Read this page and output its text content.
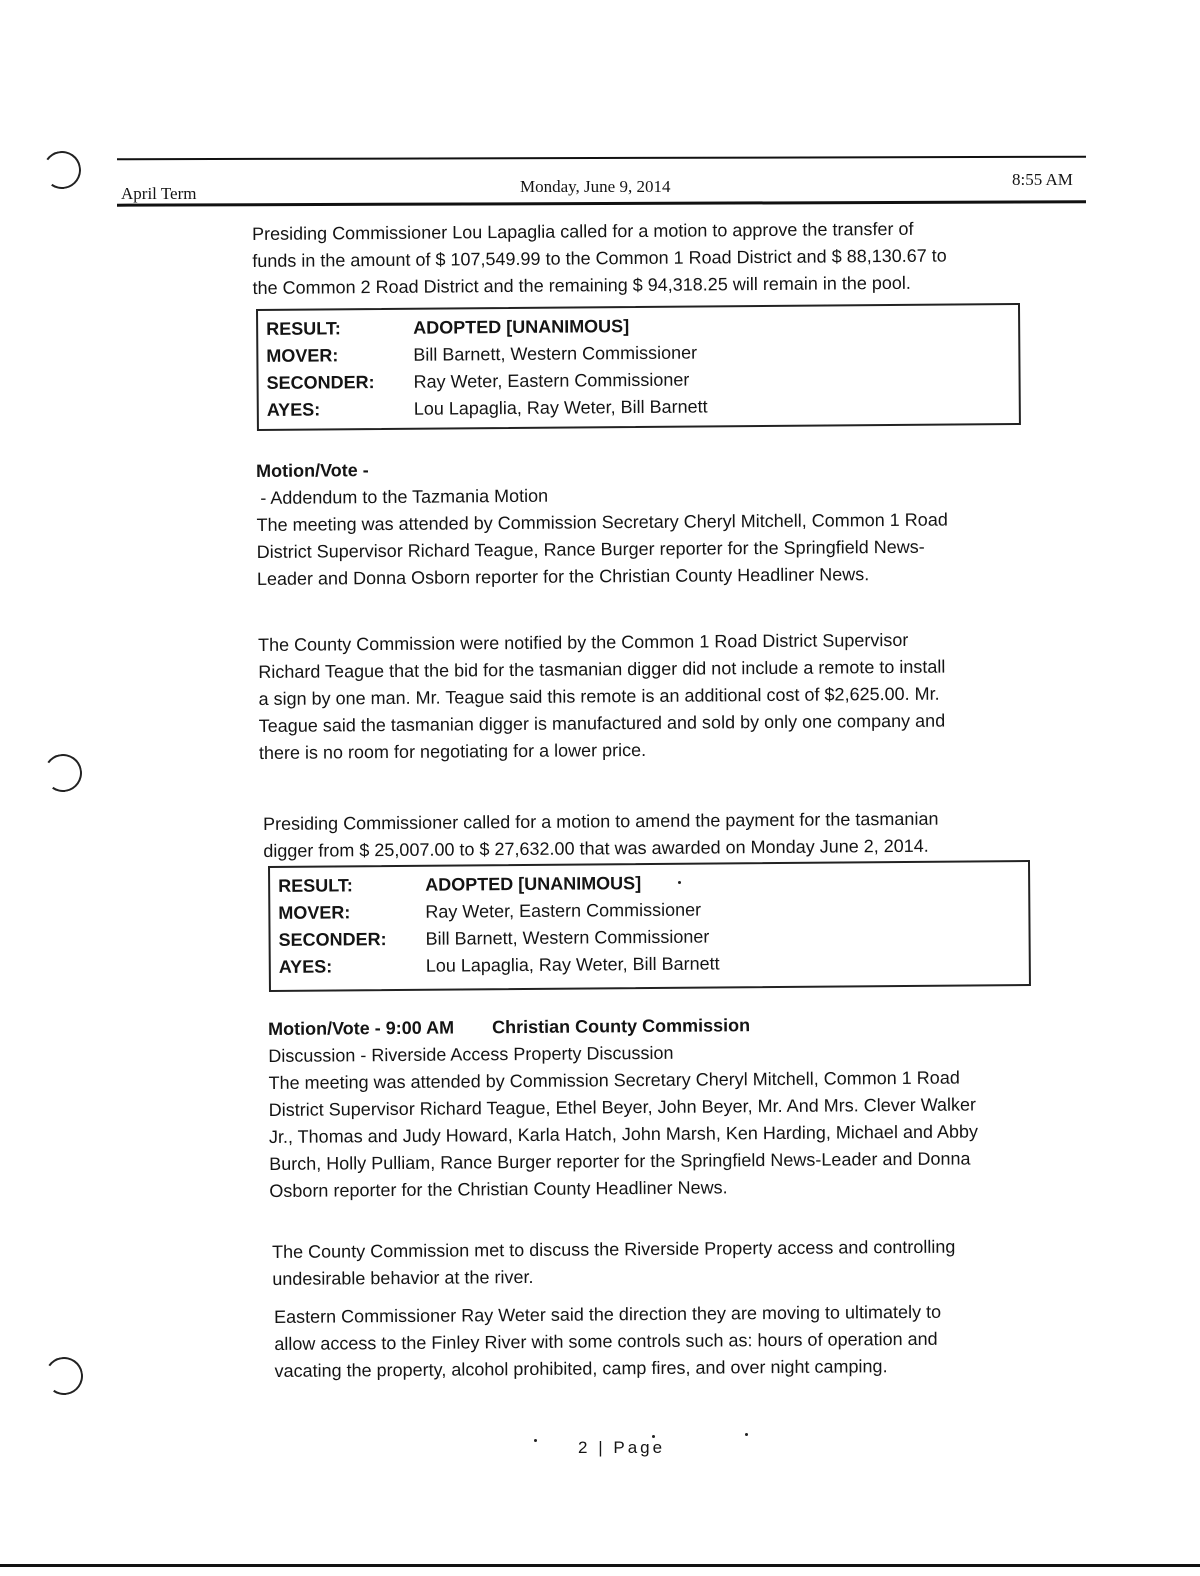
April Term	Monday, June 9, 2014	8:55 AM

Presiding Commissioner Lou Lapaglia called for a motion to approve the transfer of

funds in the amount of $ 107,549.99 to the Common 1 Road District and $ 88,130.67 to

the Common 2 Road District and the remaining $ 94,318.25 will remain in the pool.

RESULT:	ADOPTED [UNANIMOUS]
MOVER:	Bill Barnett, Western Commissioner
SECONDER:	Ray Weter, Eastern Commissioner
AYES:	Lou Lapaglia, Ray Weter, Bill Barnett

Motion/Vote -

- Addendum to the Tazmania Motion

The meeting was attended by Commission Secretary Cheryl Mitchell, Common 1 Road

District Supervisor Richard Teague, Rance Burger reporter for the Springfield News-

Leader and Donna Osborn reporter for the Christian County Headliner News.

The County Commission were notified by the Common 1 Road District Supervisor

Richard Teague that the bid for the tasmanian digger did not include a remote to install

a sign by one man. Mr. Teague said this remote is an additional cost of $2,625.00. Mr.

Teague said the tasmanian digger is manufactured and sold by only one company and

there is no room for negotiating for a lower price.

Presiding Commissioner called for a motion to amend the payment for the tasmanian

digger from $ 25,007.00 to $ 27,632.00 that was awarded on Monday June 2, 2014.

RESULT:	ADOPTED [UNANIMOUS]
MOVER:	Ray Weter, Eastern Commissioner
SECONDER:	Bill Barnett, Western Commissioner
AYES:	Lou Lapaglia, Ray Weter, Bill Barnett

Motion/Vote - 9:00 AM Christian County Commission

Discussion - Riverside Access Property Discussion

The meeting was attended by Commission Secretary Cheryl Mitchell, Common 1 Road

District Supervisor Richard Teague, Ethel Beyer, John Beyer, Mr. And Mrs. Clever Walker

Jr., Thomas and Judy Howard, Karla Hatch, John Marsh, Ken Harding, Michael and Abby

Burch, Holly Pulliam, Rance Burger reporter for the Springfield News-Leader and Donna

Osborn reporter for the Christian County Headliner News.

The County Commission met to discuss the Riverside Property access and controlling

undesirable behavior at the river.

Eastern Commissioner Ray Weter said the direction they are moving to ultimately to

allow access to the Finley River with some controls such as: hours of operation and

vacating the property, alcohol prohibited, camp fires, and over night camping.

2 | Page
